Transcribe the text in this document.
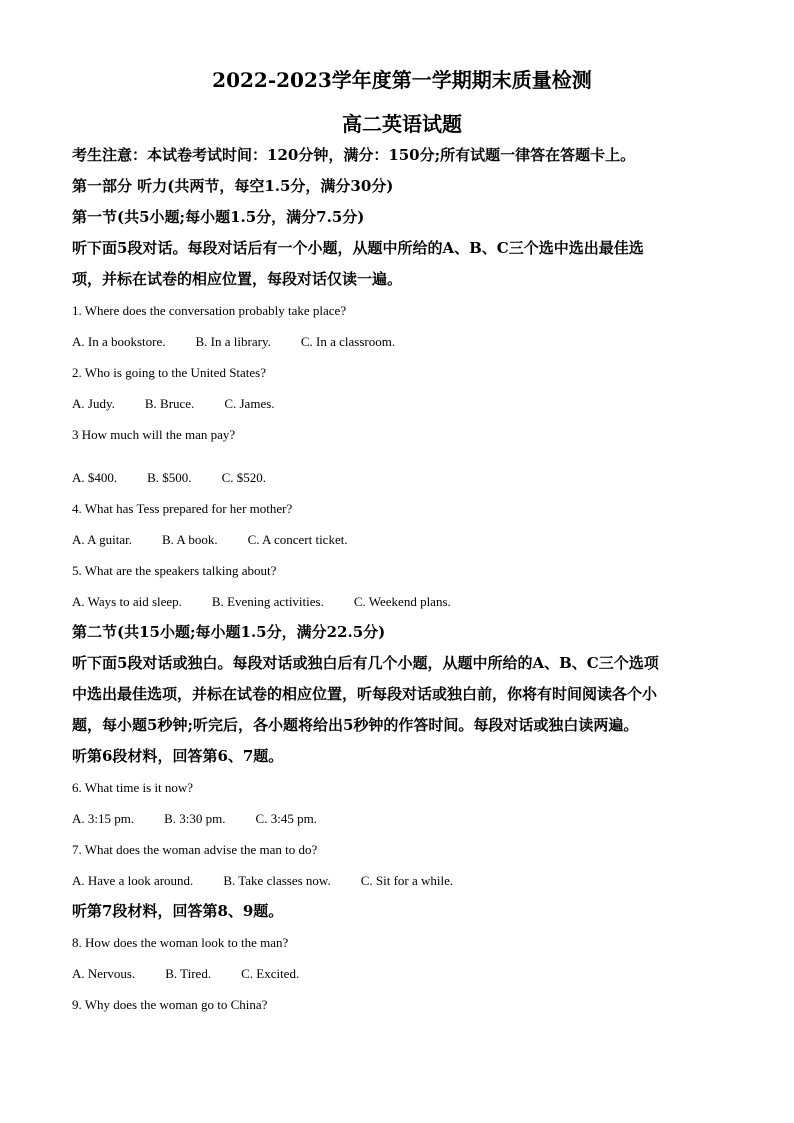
2022-2023学年度第一学期期末质量检测
高二英语试题
考生注意：本试卷考试时间：120分钟，满分：150分;所有试题一律答在答题卡上。
第一部分 听力(共两节，每空1.5分，满分30分)
第一节(共5小题;每小题1.5分，满分7.5分)
听下面5段对话。每段对话后有一个小题，从题中所给的A、B、C三个选中选出最佳选
项，并标在试卷的相应位置，每段对话仅读一遍。
1. Where does the conversation probably take place?
A. In a bookstore. B. In a library. C. In a classroom.
2. Who is going to the United States?
A. Judy. B. Bruce. C. James.
3 How much will the man pay?
A. $400. B. $500. C. $520.
4. What has Tess prepared for her mother?
A. A guitar. B. A book. C. A concert ticket.
5. What are the speakers talking about?
A. Ways to aid sleep. B. Evening activities. C. Weekend plans.
第二节(共15小题;每小题1.5分，满分22.5分)
听下面5段对话或独白。每段对话或独白后有几个小题，从题中所给的A、B、C三个选项
中选出最佳选项，并标在试卷的相应位置，听每段对话或独白前，你将有时间阅读各个小
题，每小题5秒钟;听完后，各小题将给出5秒钟的作答时间。每段对话或独白读两遍。
听第6段材料，回答第6、7题。
6. What time is it now?
A. 3:15 pm. B. 3:30 pm. C. 3:45 pm.
7. What does the woman advise the man to do?
A. Have a look around. B. Take classes now. C. Sit for a while.
听第7段材料，回答第8、9题。
8. How does the woman look to the man?
A. Nervous. B. Tired. C. Excited.
9. Why does the woman go to China?
